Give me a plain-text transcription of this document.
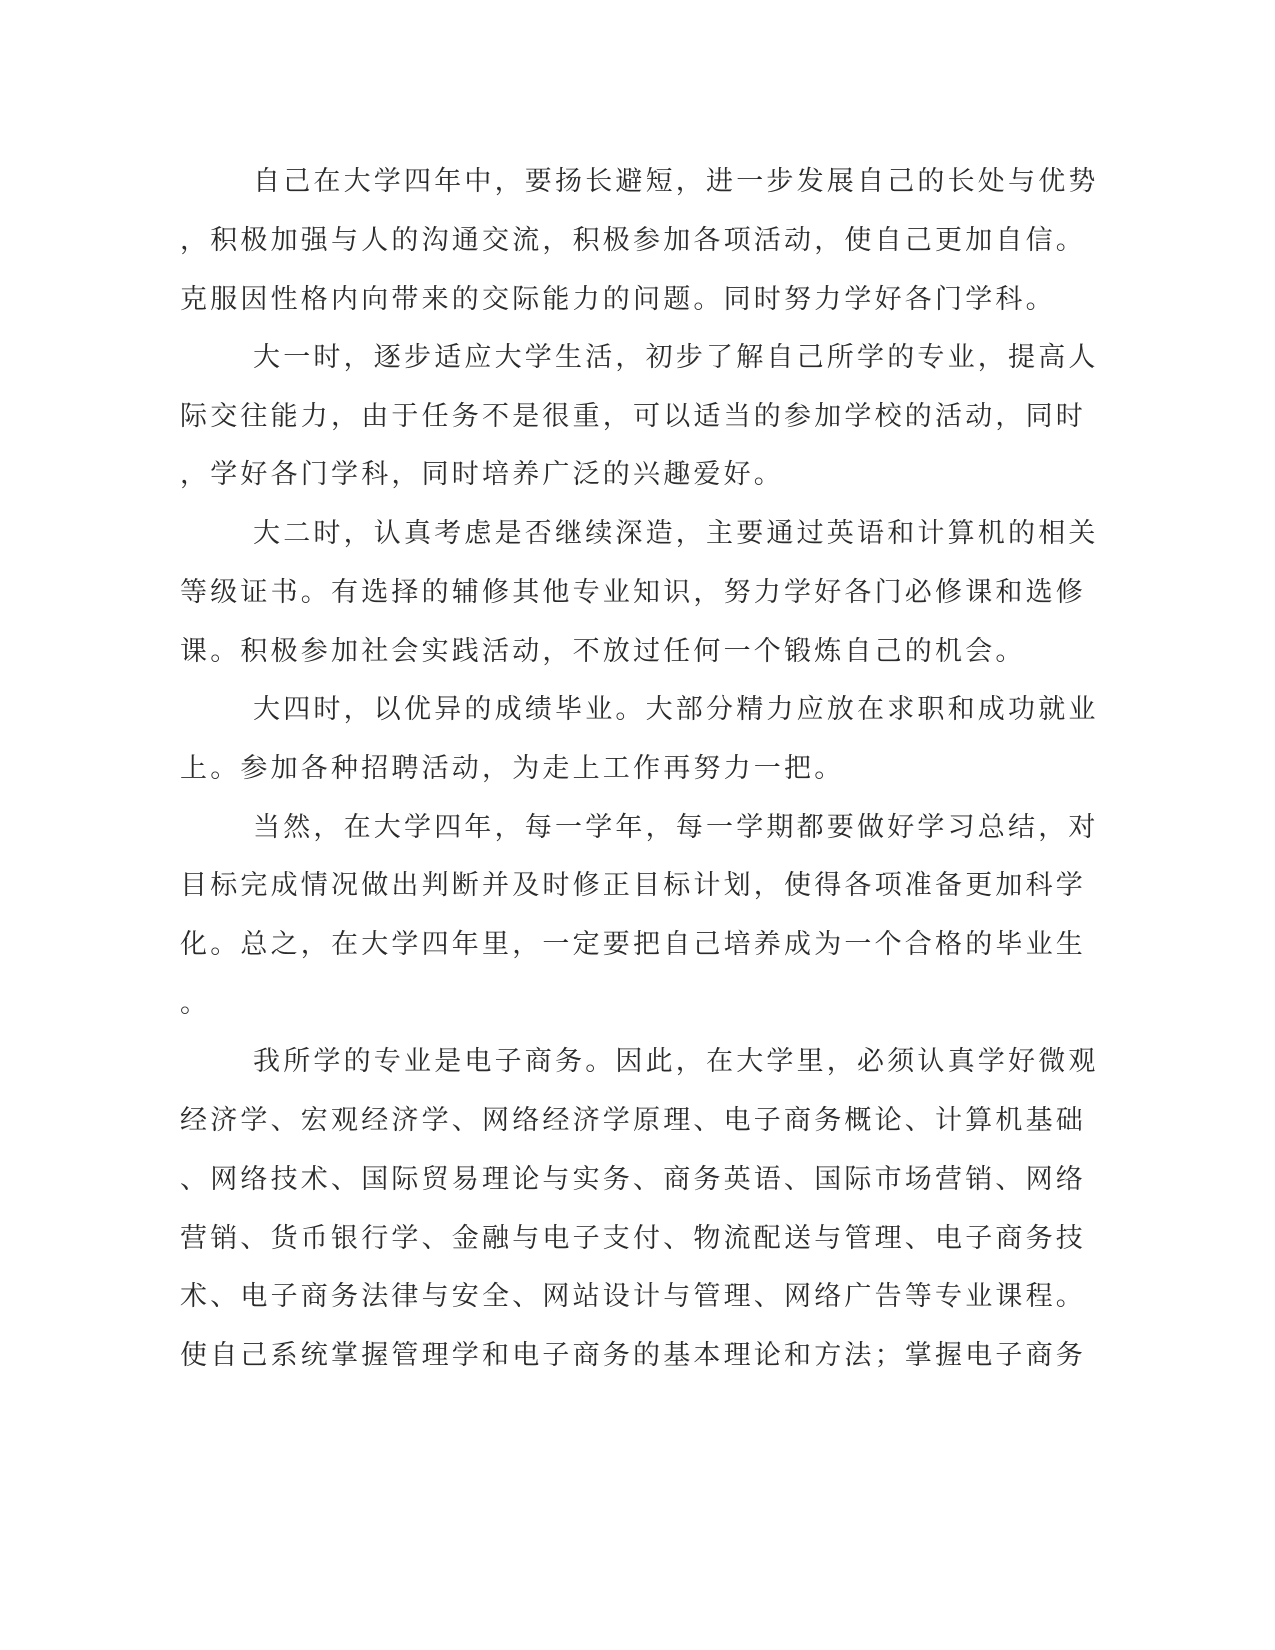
自己在大学四年中，要扬长避短，进一步发展自己的长处与优势
，积极加强与人的沟通交流，积极参加各项活动，使自己更加自信。
克服因性格内向带来的交际能力的问题。同时努力学好各门学科。
大一时，逐步适应大学生活，初步了解自己所学的专业，提高人
际交往能力，由于任务不是很重，可以适当的参加学校的活动，同时
，学好各门学科，同时培养广泛的兴趣爱好。
大二时，认真考虑是否继续深造，主要通过英语和计算机的相关
等级证书。有选择的辅修其他专业知识，努力学好各门必修课和选修
课。积极参加社会实践活动，不放过任何一个锻炼自己的机会。
大四时，以优异的成绩毕业。大部分精力应放在求职和成功就业
上。参加各种招聘活动，为走上工作再努力一把。
当然，在大学四年，每一学年，每一学期都要做好学习总结，对
目标完成情况做出判断并及时修正目标计划，使得各项准备更加科学
化。总之，在大学四年里，一定要把自己培养成为一个合格的毕业生
。
我所学的专业是电子商务。因此，在大学里，必须认真学好微观
经济学、宏观经济学、网络经济学原理、电子商务概论、计算机基础
、网络技术、国际贸易理论与实务、商务英语、国际市场营销、网络
营销、货币银行学、金融与电子支付、物流配送与管理、电子商务技
术、电子商务法律与安全、网站设计与管理、网络广告等专业课程。
使自己系统掌握管理学和电子商务的基本理论和方法；掌握电子商务
